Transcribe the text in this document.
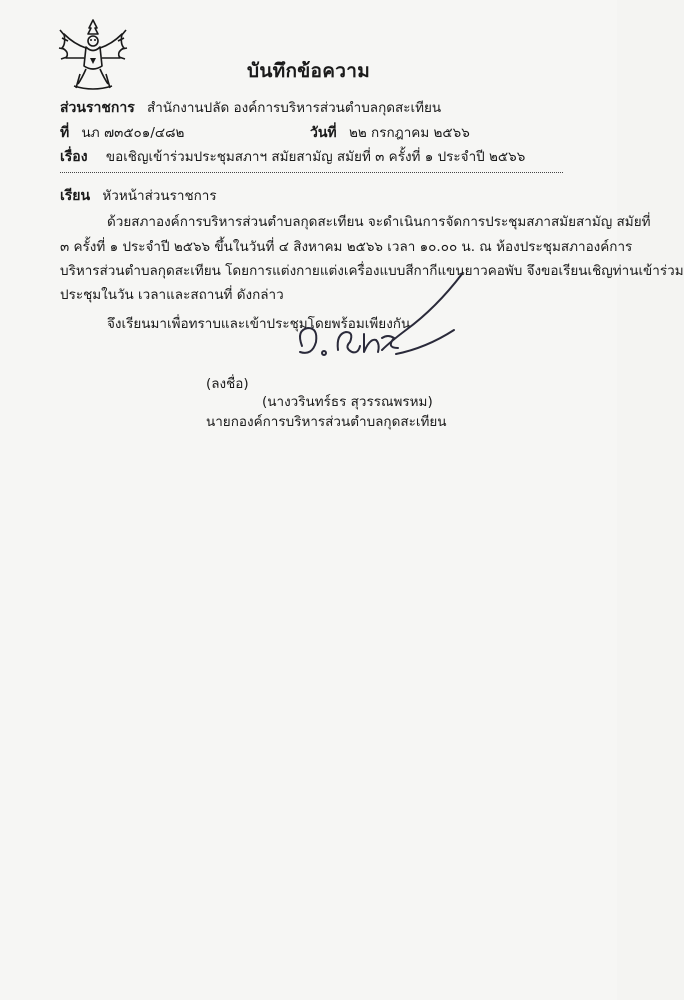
บันทึกข้อความ
ส่วนราชการ สำนักงานปลัด องค์การบริหารส่วนตำบลกุดสะเทียน
ที่ นภ ๗๓๕๐๑/๔๘๒	วันที่ ๒๒ กรกฎาคม ๒๕๖๖
เรื่อง ขอเชิญเข้าร่วมประชุมสภาฯ สมัยสามัญ สมัยที่ ๓ ครั้งที่ ๑ ประจำปี ๒๕๖๖
เรียน หัวหน้าส่วนราชการ
ด้วยสภาองค์การบริหารส่วนตำบลกุดสะเทียน จะดำเนินการจัดการประชุมสภาสมัยสามัญ สมัยที่
๓ ครั้งที่ ๑ ประจำปี ๒๕๖๖ ขึ้นในวันที่ ๔ สิงหาคม ๒๕๖๖ เวลา ๑๐.๐๐ น. ณ ห้องประชุมสภาองค์การ
บริหารส่วนตำบลกุดสะเทียน โดยการแต่งกายแต่งเครื่องแบบสีกากีแขนยาวคอพับ จึงขอเรียนเชิญท่านเข้าร่วม
ประชุมในวัน เวลาและสถานที่ ดังกล่าว
จึงเรียนมาเพื่อทราบและเข้าประชุมโดยพร้อมเพียงกัน
(ลงชื่อ)
(นางวรินทร์ธร สุวรรณพรหม)
นายกองค์การบริหารส่วนตำบลกุดสะเทียน
